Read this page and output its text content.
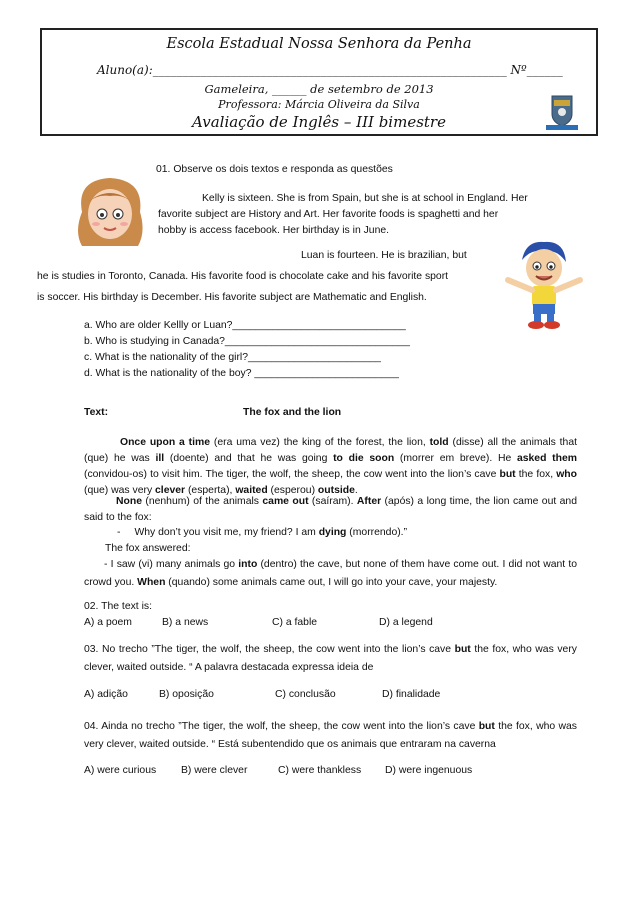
Escola Estadual Nossa Senhora da Penha
Aluno(a):___________________________________________________________ Nº______
Gameleira, ______ de setembro de 2013
Professora: Márcia Oliveira da Silva
Avaliação de Inglês – III bimestre
01. Observe os dois textos e responda as questões
Kelly is sixteen. She is from Spain, but she is at school in England. Her
favorite subject are History and Art. Her favorite foods is spaghetti and her
hobby is access facebook. Her birthday is in June.
Luan is fourteen. He is brazilian, but
he is studies in Toronto, Canada. His favorite food is chocolate cake and his favorite sport
is soccer. His birthday is December. His favorite subject are Mathematic and English.
a. Who are older Kellly or Luan?______________________________
b. Who is studying in Canada?________________________________
c. What is the nationality of the girl?_______________________
d. What is the nationality of the boy? _________________________
Text:	The fox and the lion
Once upon a time (era uma vez) the king of the forest, the lion, told (disse) all the animals that (que) he was ill (doente) and that he was going to die soon (morrer em breve). He asked them (convidou-os) to visit him. The tiger, the wolf, the sheep, the cow went into the lion’s cave but the fox, who (que) was very clever (esperta), waited (esperou) outside.
None (nenhum) of the animals came out (saíram). After (após) a long time, the lion came out and said to the fox:
- Why don’t you visit me, my friend? I am dying (morrendo).”
The fox answered:
- I saw (vi) many animals go into (dentro) the cave, but none of them have come out. I did not want to crowd you. When (quando) some animals came out, I will go into your cave, your majesty.
02. The text is:
A) a poem	B) a news	C) a fable	D) a legend
03. No trecho ”The tiger, the wolf, the sheep, the cow went into the lion’s cave but the fox, who was very clever, waited outside. “ A palavra destacada expressa ideia de
A) adição	B) oposição	C) conclusão	D) finalidade
04. Ainda no trecho ”The tiger, the wolf, the sheep, the cow went into the lion’s cave but the fox, who was very clever, waited outside. “ Está subentendido que os animais que entraram na caverna
A) were curious B) were clever	C) were thankless D) were ingenuous
